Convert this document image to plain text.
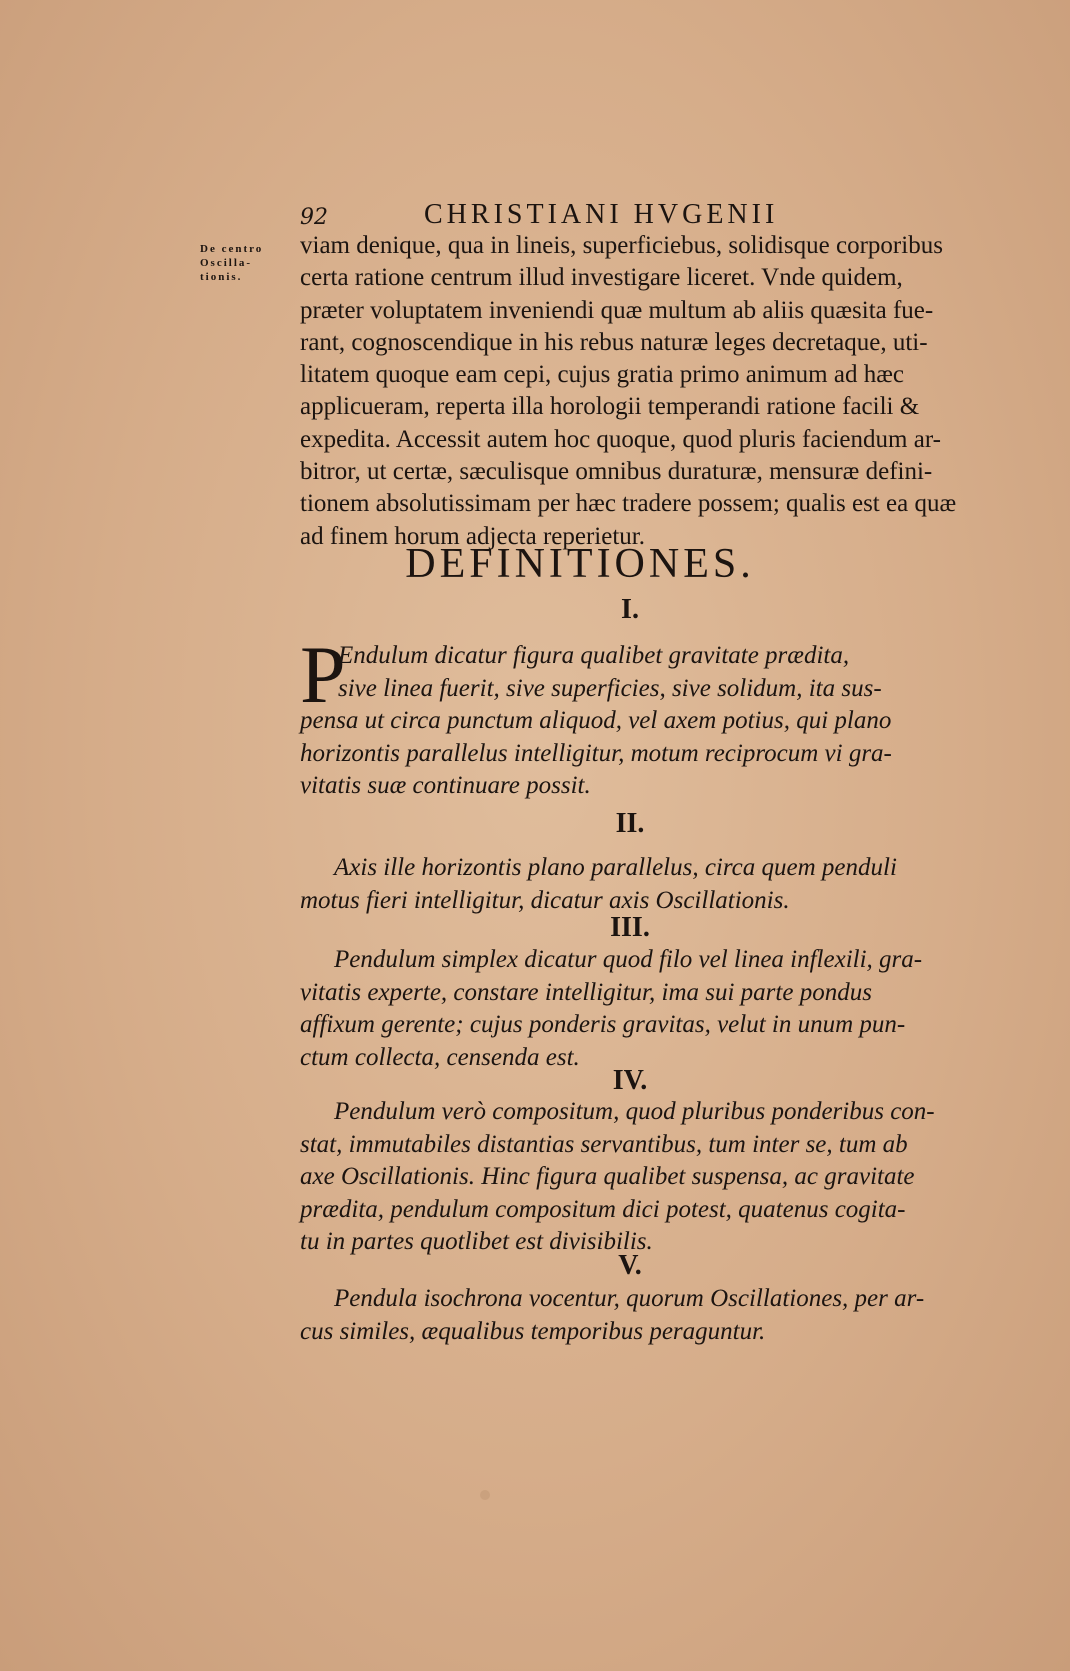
92	CHRISTIANI HVGENII
De centro
Oscilla-
tionis.
viam denique, qua in lineis, superficiebus, solidisque corporibus
certa ratione centrum illud investigare liceret. Vnde quidem,
præter voluptatem inveniendi quæ multum ab aliis quæsita fue-
rant, cognoscendique in his rebus naturæ leges decretaque, uti-
litatem quoque eam cepi, cujus gratia primo animum ad hæc
applicueram, reperta illa horologii temperandi ratione facili &
expedita. Accessit autem hoc quoque, quod pluris faciendum ar-
bitror, ut certæ, sæculisque omnibus duraturæ, mensuræ defini-
tionem absolutissimam per hæc tradere possem; qualis est ea quæ
ad finem horum adjecta reperietur.
DEFINITIONES.
I.
P
Endulum dicatur figura qualibet gravitate prædita,
sive linea fuerit, sive superficies, sive solidum, ita sus-
pensa ut circa punctum aliquod, vel axem potius, qui plano
horizontis parallelus intelligitur, motum reciprocum vi gra-
vitatis suæ continuare possit.
II.
Axis ille horizontis plano parallelus, circa quem penduli
motus fieri intelligitur, dicatur axis Oscillationis.
III.
Pendulum simplex dicatur quod filo vel linea inflexili, gra-
vitatis experte, constare intelligitur, ima sui parte pondus
affixum gerente; cujus ponderis gravitas, velut in unum pun-
ctum collecta, censenda est.
IV.
Pendulum verò compositum, quod pluribus ponderibus con-
stat, immutabiles distantias servantibus, tum inter se, tum ab
axe Oscillationis. Hinc figura qualibet suspensa, ac gravitate
prædita, pendulum compositum dici potest, quatenus cogita-
tu in partes quotlibet est divisibilis.
V.
Pendula isochrona vocentur, quorum Oscillationes, per ar-
cus similes, æqualibus temporibus peraguntur.
